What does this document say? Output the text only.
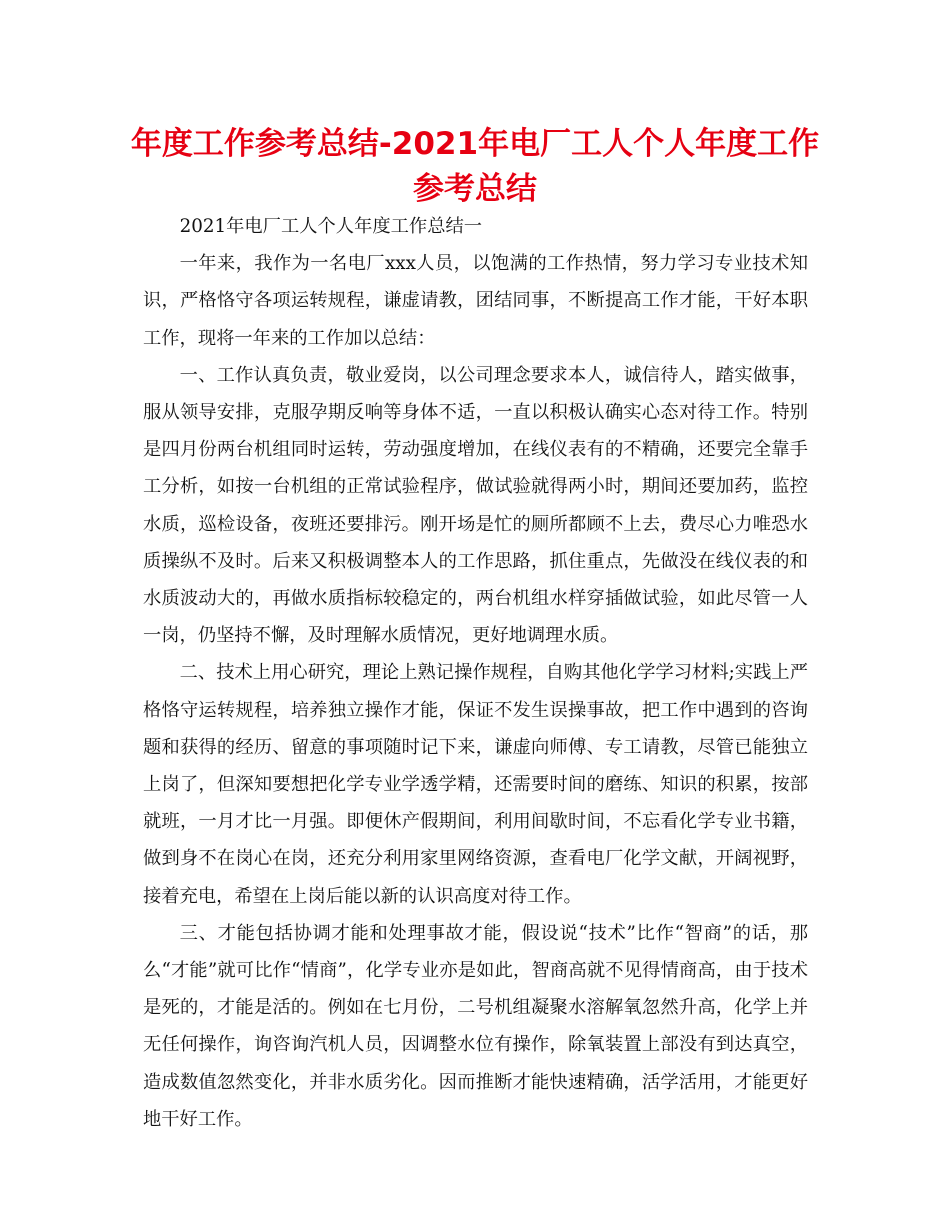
年度工作参考总结-2021年电厂工人个人年度工作参考总结

2021年电厂工人个人年度工作总结一

一年来，我作为一名电厂xxx人员，以饱满的工作热情，努力学习专业技术知识，严格恪守各项运转规程，谦虚请教，团结同事，不断提高工作才能，干好本职工作，现将一年来的工作加以总结：

一、工作认真负责，敬业爱岗，以公司理念要求本人，诚信待人，踏实做事，服从领导安排，克服孕期反响等身体不适，一直以积极认确实心态对待工作。特别是四月份两台机组同时运转，劳动强度增加，在线仪表有的不精确，还要完全靠手工分析，如按一台机组的正常试验程序，做试验就得两小时，期间还要加药，监控水质，巡检设备，夜班还要排污。刚开场是忙的厕所都顾不上去，费尽心力唯恐水质操纵不及时。后来又积极调整本人的工作思路，抓住重点，先做没在线仪表的和水质波动大的，再做水质指标较稳定的，两台机组水样穿插做试验，如此尽管一人一岗，仍坚持不懈，及时理解水质情况，更好地调理水质。

二、技术上用心研究，理论上熟记操作规程，自购其他化学学习材料;实践上严格恪守运转规程，培养独立操作才能，保证不发生误操事故，把工作中遇到的咨询题和获得的经历、留意的事项随时记下来，谦虚向师傅、专工请教，尽管已能独立上岗了，但深知要想把化学专业学透学精，还需要时间的磨练、知识的积累，按部就班，一月才比一月强。即便休产假期间，利用间歇时间，不忘看化学专业书籍，做到身不在岗心在岗，还充分利用家里网络资源，查看电厂化学文献，开阔视野，接着充电，希望在上岗后能以新的认识高度对待工作。

三、才能包括协调才能和处理事故才能，假设说“技术”比作“智商”的话，那么“才能”就可比作“情商”，化学专业亦是如此，智商高就不见得情商高，由于技术是死的，才能是活的。例如在七月份，二号机组凝聚水溶解氧忽然升高，化学上并无任何操作，询咨询汽机人员，因调整水位有操作，除氧装置上部没有到达真空，造成数值忽然变化，并非水质劣化。因而推断才能快速精确，活学活用，才能更好地干好工作。
